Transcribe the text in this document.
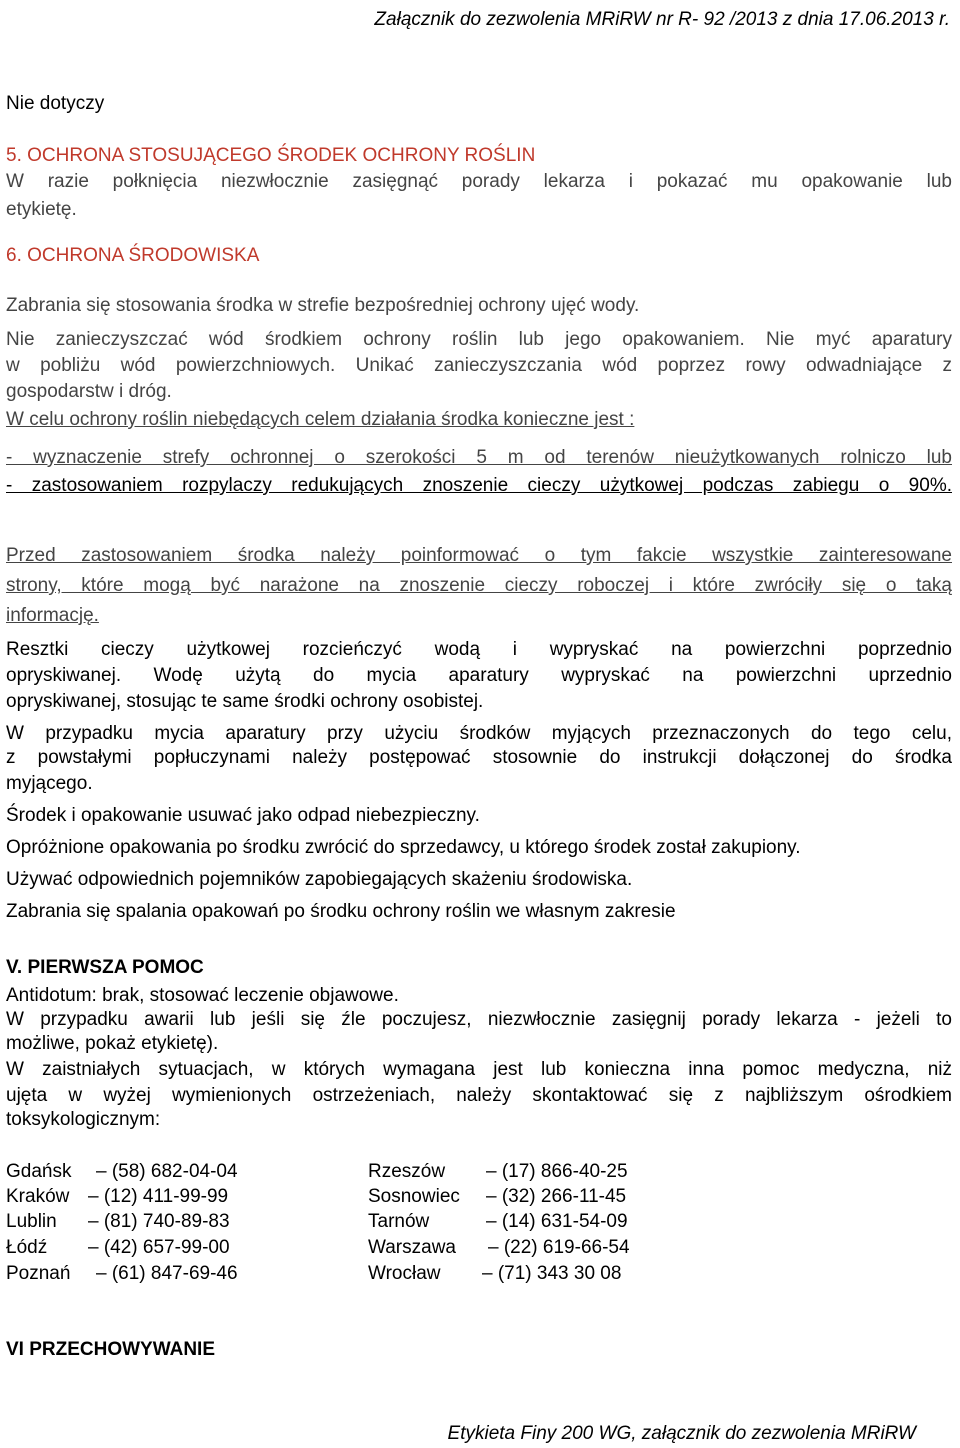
Załącznik do zezwolenia MRiRW nr R- 92 /2013 z dnia 17.06.2013 r.
Nie dotyczy
5. OCHRONA STOSUJĄCEGO ŚRODEK OCHRONY ROŚLIN
W razie połknięcia niezwłocznie zasięgnąć porady lekarza i pokazać mu opakowanie lub
etykietę.
6. OCHRONA ŚRODOWISKA
Zabrania się stosowania środka w strefie bezpośredniej ochrony ujęć wody.
Nie zanieczyszczać wód środkiem ochrony roślin lub jego opakowaniem. Nie myć aparatury
w pobliżu wód powierzchniowych. Unikać zanieczyszczania wód poprzez rowy odwadniające z
gospodarstw i dróg.
W celu ochrony roślin niebędących celem działania środka konieczne jest :
- wyznaczenie strefy ochronnej o szerokości 5 m od terenów nieużytkowanych rolniczo lub
- zastosowaniem rozpylaczy redukujących znoszenie cieczy użytkowej podczas zabiegu o 90%.
Przed zastosowaniem środka należy poinformować o tym fakcie wszystkie zainteresowane
strony, które mogą być narażone na znoszenie cieczy roboczej i które zwróciły się o taką
informację.
Resztki cieczy użytkowej rozcieńczyć wodą i wypryskać na powierzchni poprzednio
opryskiwanej. Wodę użytą do mycia aparatury wypryskać na powierzchni uprzednio
opryskiwanej, stosując te same środki ochrony osobistej.
W przypadku mycia aparatury przy użyciu środków myjących przeznaczonych do tego celu,
z powstałymi popłuczynami należy postępować stosownie do instrukcji dołączonej do środka
myjącego.
Środek i opakowanie usuwać jako odpad niebezpieczny.
Opróżnione opakowania po środku zwrócić do sprzedawcy, u którego środek został zakupiony.
Używać odpowiednich pojemników zapobiegających skażeniu środowiska.
Zabrania się spalania opakowań po środku ochrony roślin we własnym zakresie
V. PIERWSZA POMOC
Antidotum: brak, stosować leczenie objawowe.
W przypadku awarii lub jeśli się źle poczujesz, niezwłocznie zasięgnij porady lekarza - jeżeli to
możliwe, pokaż etykietę).
W zaistniałych sytuacjach, w których wymagana jest lub konieczna inna pomoc medyczna, niż
ujęta w wyżej wymienionych ostrzeżeniach, należy skontaktować się z najbliższym ośrodkiem
toksykologicznym:
Gdańsk – (58) 682-04-04
Kraków – (12) 411-99-99
Lublin – (81) 740-89-83
Łódź – (42) 657-99-00
Poznań – (61) 847-69-46
Rzeszów – (17) 866-40-25
Sosnowiec – (32) 266-11-45
Tarnów	– (14) 631-54-09
Warszawa – (22) 619-66-54
Wrocław – (71) 343 30 08
VI PRZECHOWYWANIE
Etykieta Finy 200 WG, załącznik do zezwolenia MRiRW
